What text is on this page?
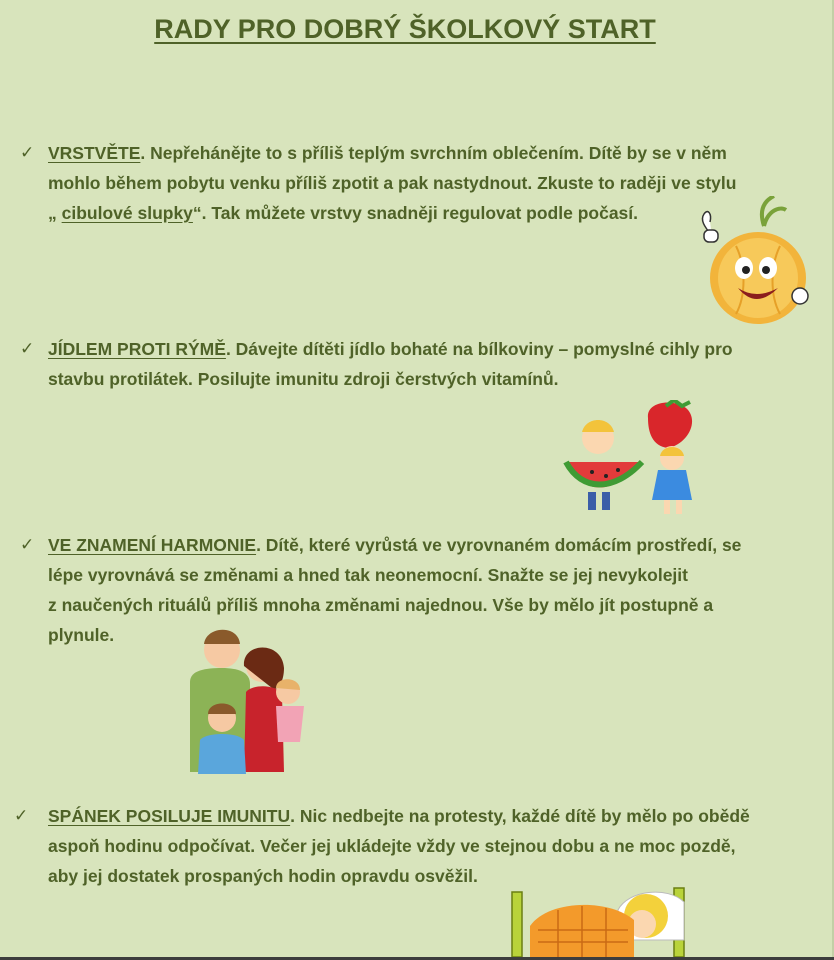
RADY PRO DOBRÝ ŠKOLKOVÝ START
✓ VRSTVĚTE. Nepřehánějte to s příliš teplým svrchním oblečením. Dítě by se v něm
mohlo během pobytu venku příliš zpotit a pak nastydnout. Zkuste to raději ve stylu
„ cibulové slupky“. Tak můžete vrstvy snadněji regulovat podle počasí.

✓ JÍDLEM PROTI RÝMĚ. Dávejte dítěti jídlo bohaté na bílkoviny – pomyslné cihly pro
stavbu protilátek. Posilujte imunitu zdroji čerstvých vitamínů.

✓ VE ZNAMENÍ HARMONIE. Dítě, které vyrůstá ve vyrovnaném domácím prostředí, se
lépe vyrovnává se změnami a hned tak neonemocní. Snažte se jej nevykolejit
z naučených rituálů příliš mnoha změnami najednou. Vše by mělo jít postupně a
plynule.

✓ SPÁNEK POSILUJE IMUNITU. Nic nedbejte na protesty, každé dítě by mělo po obědě
aspoň hodinu odpočívat. Večer jej ukládejte vždy ve stejnou dobu a ne moc pozdě,
aby jej dostatek prospaných hodin opravdu osvěžil.
